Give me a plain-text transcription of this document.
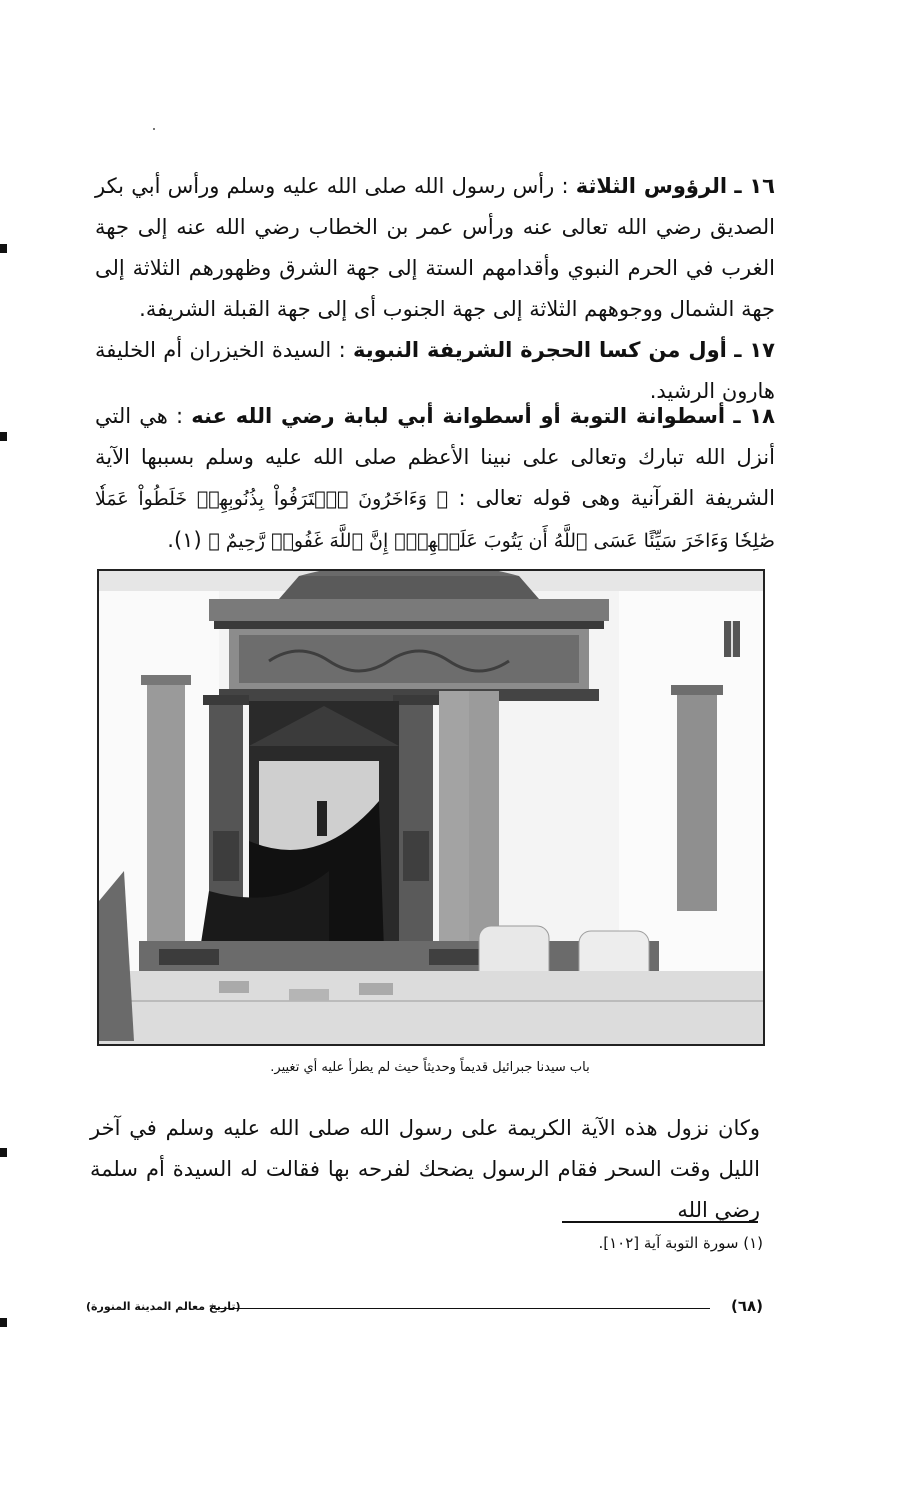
١٦ ـ الرؤوس الثلاثة : رأس رسول الله صلى الله عليه وسلم ورأس أبي بكر الصديق رضي الله تعالى عنه ورأس عمر بن الخطاب رضي الله عنه إلى جهة الغرب في الحرم النبوي وأقدامهم الستة إلى جهة الشرق وظهورهم الثلاثة إلى جهة الشمال ووجوههم الثلاثة إلى جهة الجنوب أى إلى جهة القبلة الشريفة.

١٧ ـ أول من كسا الحجرة الشريفة النبوية : السيدة الخيزران أم الخليفة هارون الرشيد.

١٨ ـ أسطوانة التوبة أو أسطوانة أبي لبابة رضي الله عنه : هي التي أنزل الله تبارك وتعالى على نبينا الأعظم صلى الله عليه وسلم بسببها الآية الشريفة القرآنية وهى قوله تعالى : ﴿ وَءَاخَرُونَ ٱعۡتَرَفُواْ بِذُنُوبِهِمۡ خَلَطُواْ عَمَلٗا صَٰلِحٗا وَءَاخَرَ سَيِّئًا عَسَى ٱللَّهُ أَن يَتُوبَ عَلَيۡهِمۡۚ إِنَّ ٱللَّهَ غَفُورٞ رَّحِيمٌ ﴾ (١).

باب سيدنا جبرائيل قديماً وحديثاً حيث لم يطرأ عليه أي تغيير.

وكان نزول هذه الآية الكريمة على رسول الله صلى الله عليه وسلم في آخر الليل وقت السحر فقام الرسول يضحك لفرحه بها فقالت له السيدة أم سلمة رضي الله

(١) سورة التوبة آية [١٠٢].
(٦٨)
(تاريخ معالم المدينة المنورة)
